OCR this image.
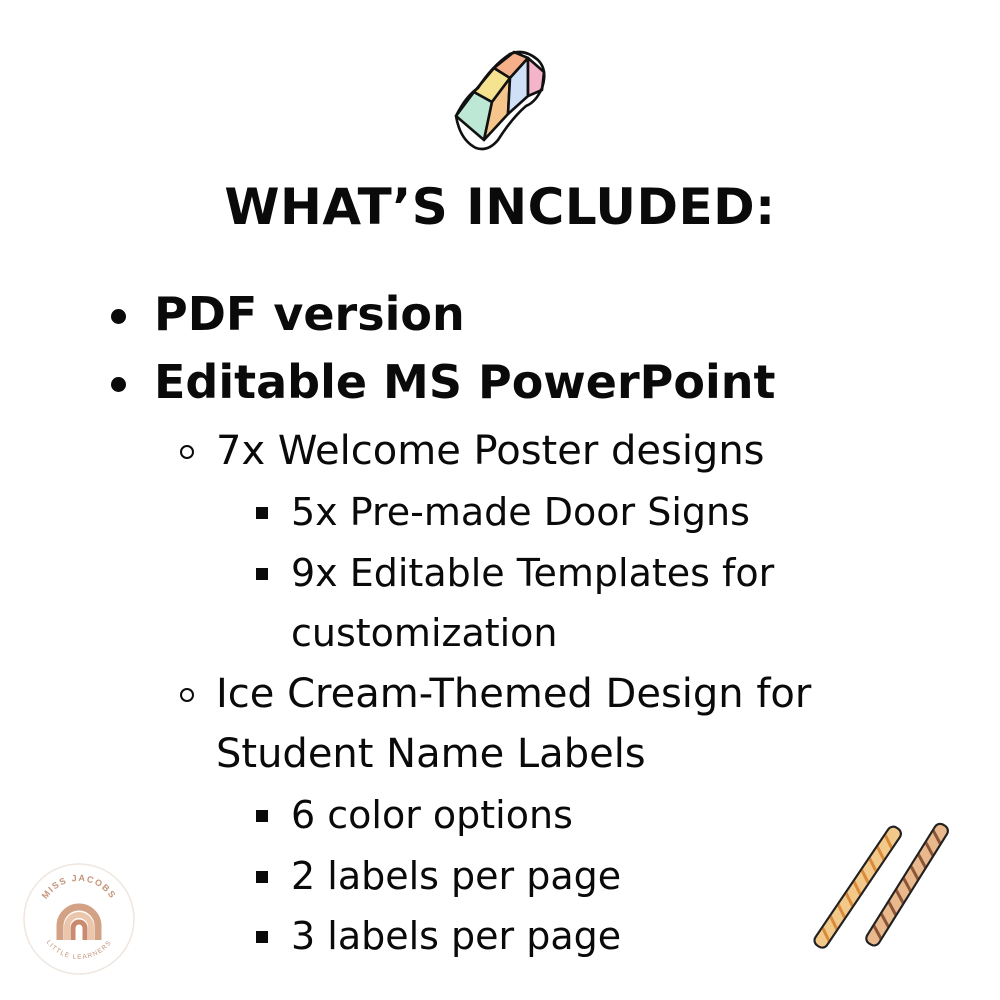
WHAT’S INCLUDED:
PDF version
Editable MS PowerPoint
7x Welcome Poster designs
5x Pre-made Door Signs
9x Editable Templates for
customization
Ice Cream-Themed Design for
Student Name Labels
6 color options
2 labels per page
3 labels per page
MISS JACOBS
LITTLE LEARNERS
